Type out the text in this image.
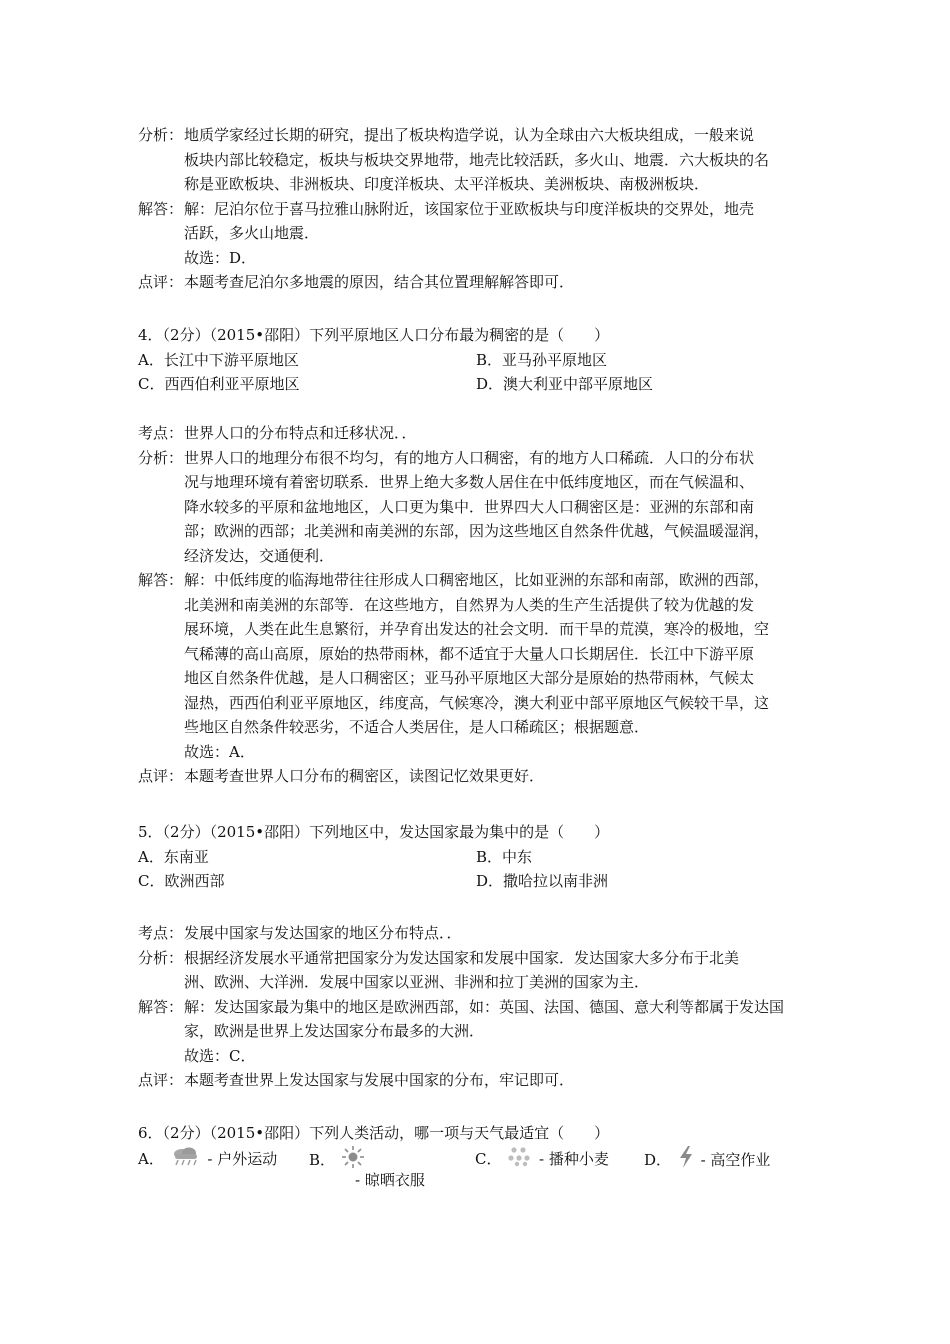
分析： 地质学家经过长期的研究，提出了板块构造学说，认为全球由六大板块组成，一般来说
板块内部比较稳定，板块与板块交界地带，地壳比较活跃，多火山、地震．六大板块的名
称是亚欧板块、非洲板块、印度洋板块、太平洋板块、美洲板块、南极洲板块．
解答： 解：尼泊尔位于喜马拉雅山脉附近，该国家位于亚欧板块与印度洋板块的交界处，地壳
活跃，多火山地震．
故选：D．
点评： 本题考查尼泊尔多地震的原因，结合其位置理解解答即可．
4．（2分）（2015•邵阳）下列平原地区人口分布最为稠密的是（　　）
A．长江中下游平原地区	B．亚马孙平原地区
C．西西伯利亚平原地区	D．澳大利亚中部平原地区
考点： 世界人口的分布特点和迁移状况．．
分析： 世界人口的地理分布很不均匀，有的地方人口稠密，有的地方人口稀疏．人口的分布状
况与地理环境有着密切联系．世界上绝大多数人居住在中低纬度地区，而在气候温和、
降水较多的平原和盆地地区，人口更为集中．世界四大人口稠密区是：亚洲的东部和南
部；欧洲的西部；北美洲和南美洲的东部，因为这些地区自然条件优越，气候温暖湿润，
经济发达，交通便利．
解答： 解：中低纬度的临海地带往往形成人口稠密地区，比如亚洲的东部和南部，欧洲的西部，
北美洲和南美洲的东部等．在这些地方，自然界为人类的生产生活提供了较为优越的发
展环境，人类在此生息繁衍，并孕育出发达的社会文明．而干旱的荒漠，寒冷的极地，空
气稀薄的高山高原，原始的热带雨林，都不适宜于大量人口长期居住．长江中下游平原
地区自然条件优越，是人口稠密区；亚马孙平原地区大部分是原始的热带雨林，气候太
湿热，西西伯利亚平原地区，纬度高，气候寒冷，澳大利亚中部平原地区气候较干旱，这
些地区自然条件较恶劣，不适合人类居住，是人口稀疏区；根据题意．
故选：A．
点评： 本题考查世界人口分布的稠密区，读图记忆效果更好．
5．（2分）（2015•邵阳）下列地区中，发达国家最为集中的是（　　）
A．东南亚	B．中东
C．欧洲西部	D．撒哈拉以南非洲
考点： 发展中国家与发达国家的地区分布特点．．
分析： 根据经济发展水平通常把国家分为发达国家和发展中国家．发达国家大多分布于北美
洲、欧洲、大洋洲．发展中国家以亚洲、非洲和拉丁美洲的国家为主．
解答： 解：发达国家最为集中的地区是欧洲西部，如：英国、法国、德国、意大利等都属于发达国
家，欧洲是世界上发达国家分布最多的大洲．
故选：C．
点评： 本题考查世界上发达国家与发展中国家的分布，牢记即可．
6．（2分）（2015•邵阳）下列人类活动，哪一项与天气最适宜（　　）
A．	- 户外运动 B．
- 晾晒衣服
C．	- 播种小麦 D． - 高空作业
